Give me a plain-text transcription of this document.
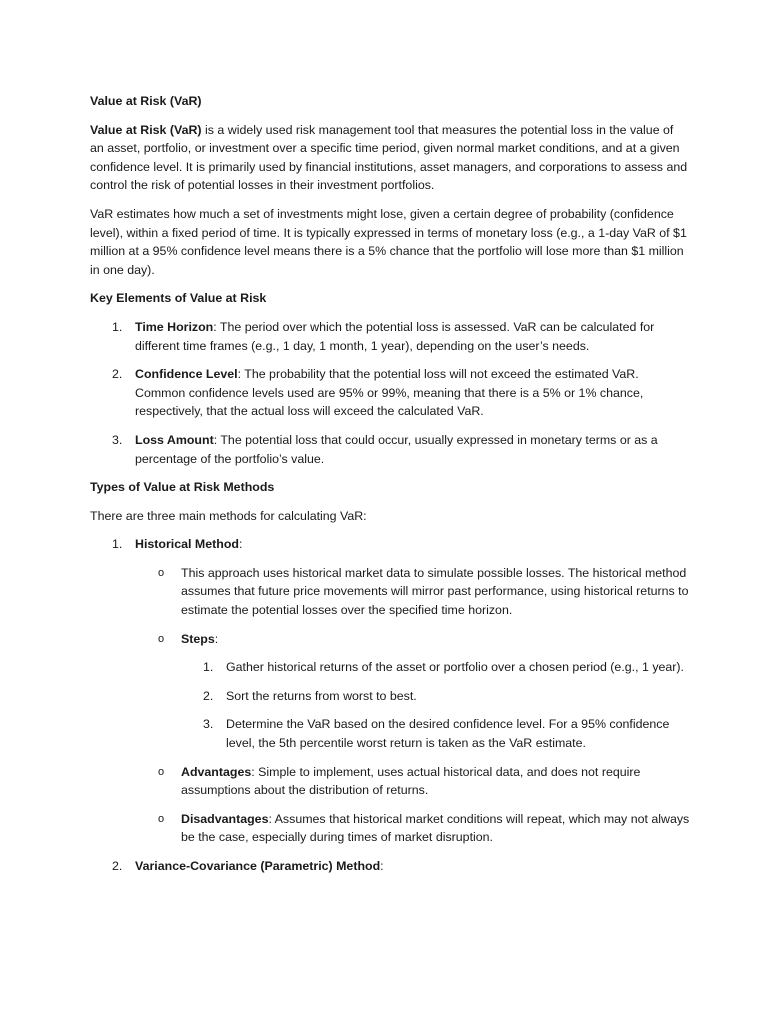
Value at Risk (VaR)

Value at Risk (VaR) is a widely used risk management tool that measures the potential loss in the value of an asset, portfolio, or investment over a specific time period, given normal market conditions, and at a given confidence level. It is primarily used by financial institutions, asset managers, and corporations to assess and control the risk of potential losses in their investment portfolios.

VaR estimates how much a set of investments might lose, given a certain degree of probability (confidence level), within a fixed period of time. It is typically expressed in terms of monetary loss (e.g., a 1-day VaR of $1 million at a 95% confidence level means there is a 5% chance that the portfolio will lose more than $1 million in one day).

Key Elements of Value at Risk

1. Time Horizon: The period over which the potential loss is assessed. VaR can be calculated for different time frames (e.g., 1 day, 1 month, 1 year), depending on the user’s needs.
2. Confidence Level: The probability that the potential loss will not exceed the estimated VaR. Common confidence levels used are 95% or 99%, meaning that there is a 5% or 1% chance, respectively, that the actual loss will exceed the calculated VaR.
3. Loss Amount: The potential loss that could occur, usually expressed in monetary terms or as a percentage of the portfolio’s value.

Types of Value at Risk Methods

There are three main methods for calculating VaR:

1. Historical Method:
o This approach uses historical market data to simulate possible losses. The historical method assumes that future price movements will mirror past performance, using historical returns to estimate the potential losses over the specified time horizon.
o Steps:
1. Gather historical returns of the asset or portfolio over a chosen period (e.g., 1 year).
2. Sort the returns from worst to best.
3. Determine the VaR based on the desired confidence level. For a 95% confidence level, the 5th percentile worst return is taken as the VaR estimate.
o Advantages: Simple to implement, uses actual historical data, and does not require assumptions about the distribution of returns.
o Disadvantages: Assumes that historical market conditions will repeat, which may not always be the case, especially during times of market disruption.
2. Variance-Covariance (Parametric) Method:
